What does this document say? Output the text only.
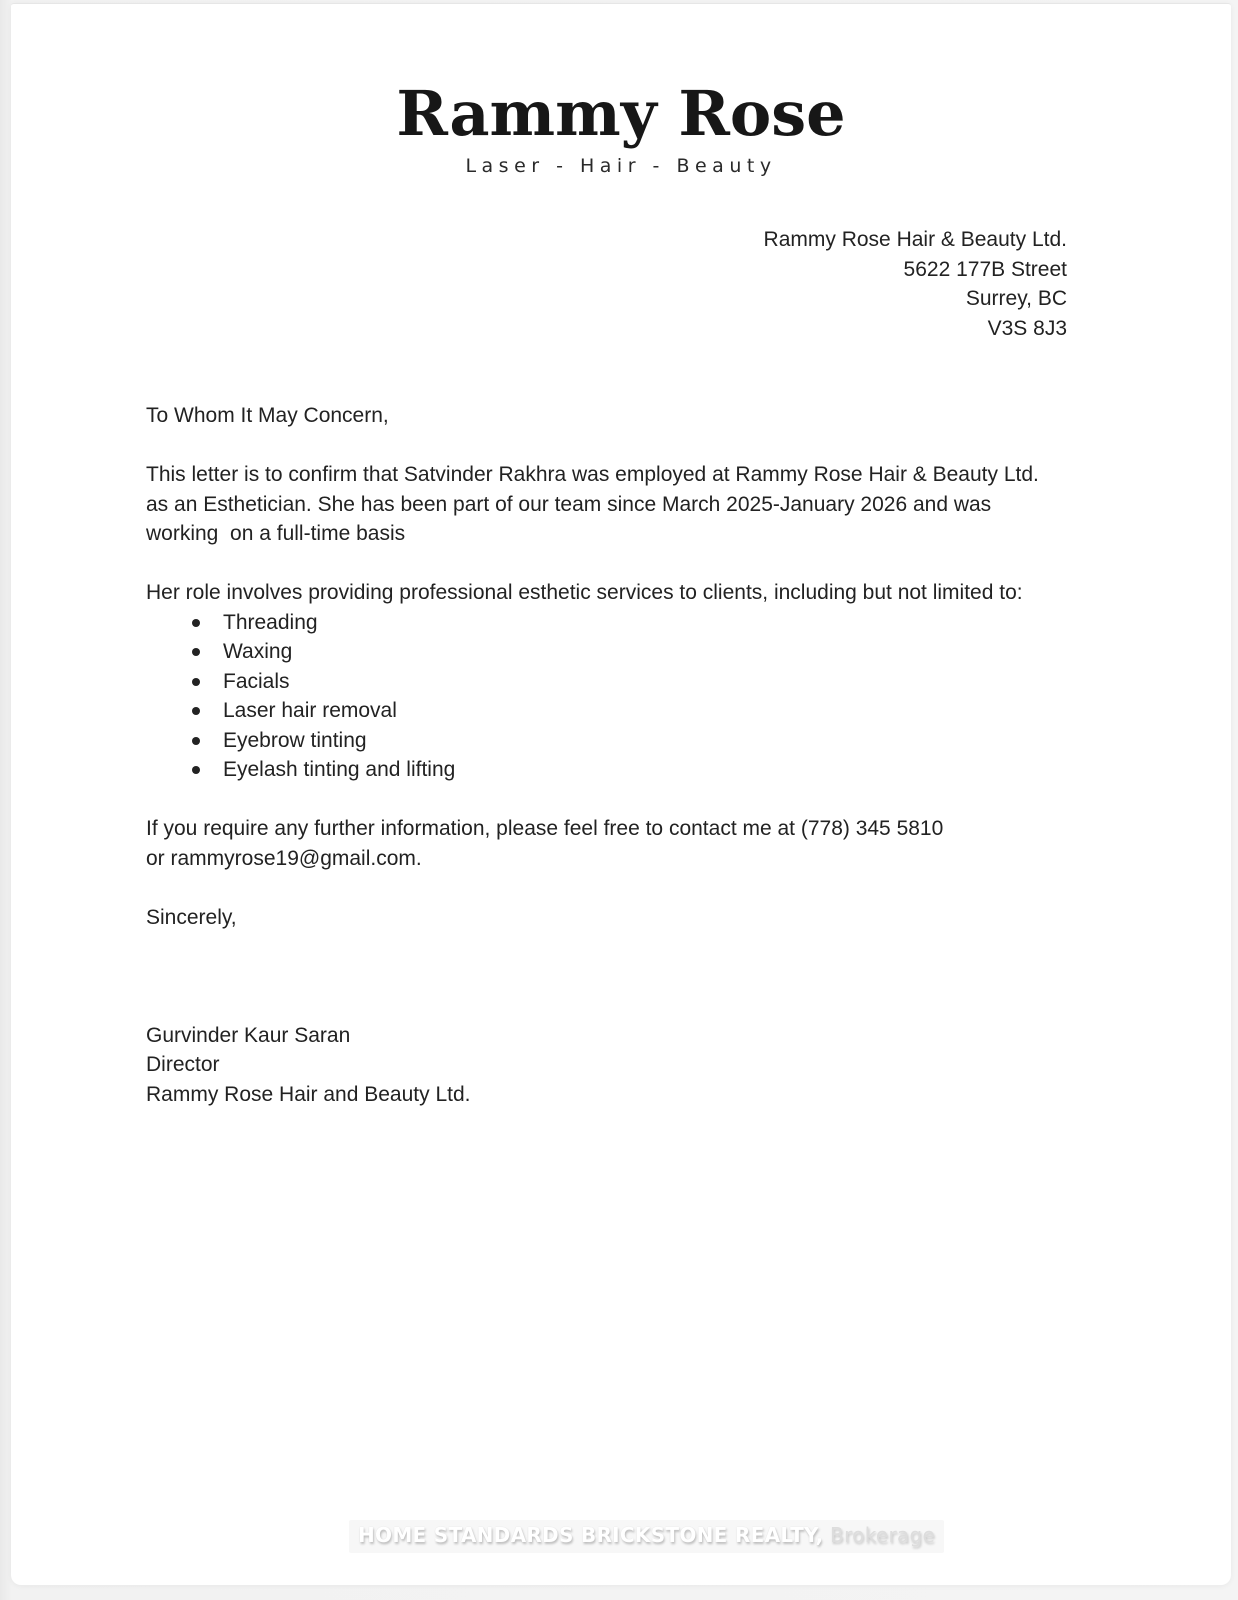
Rammy Rose
Laser - Hair - Beauty
Rammy Rose Hair & Beauty Ltd.
5622 177B Street
Surrey, BC
V3S 8J3

To Whom It May Concern,

This letter is to confirm that Satvinder Rakhra was employed at Rammy Rose Hair & Beauty Ltd.
as an Esthetician. She has been part of our team since March 2025-January 2026 and was
working  on a full-time basis

Her role involves providing professional esthetic services to clients, including but not limited to:

Threading
Waxing
Facials
Laser hair removal
Eyebrow tinting
Eyelash tinting and lifting

If you require any further information, please feel free to contact me at (778) 345 5810
or rammyrose19@gmail.com.

Sincerely,

Gurvinder Kaur Saran
Director
Rammy Rose Hair and Beauty Ltd.
HOME STANDARDS BRICKSTONE REALTY, Brokerage
